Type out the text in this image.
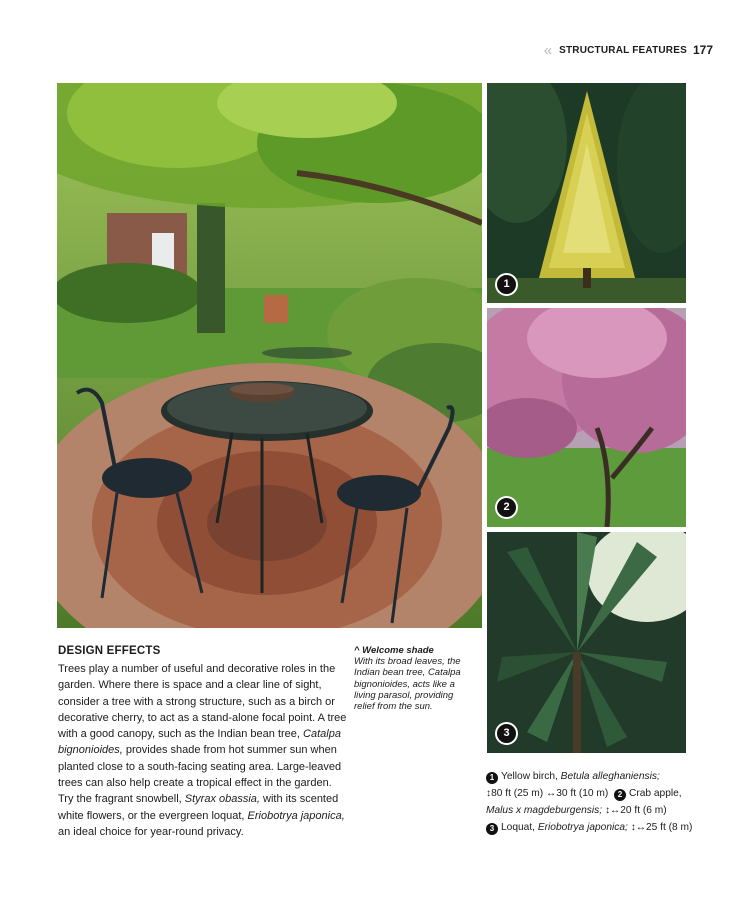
« STRUCTURAL FEATURES 177
1
2
3
DESIGN EFFECTS

Trees play a number of useful and decorative roles in the garden. Where there is space and a clear line of sight, consider a tree with a strong structure, such as a birch or decorative cherry, to act as a stand-alone focal point. A tree with a good canopy, such as the Indian bean tree, Catalpa bignonioides, provides shade from hot summer sun when planted close to a south-facing seating area. Large-leaved trees can also help create a tropical effect in the garden. Try the fragrant snowbell, Styrax obassia, with its scented white flowers, or the evergreen loquat, Eriobotrya japonica, an ideal choice for year-round privacy.

^ Welcome shade
With its broad leaves, the Indian bean tree, Catalpa bignonioides, acts like a living parasol, providing relief from the sun.
1 Yellow birch, Betula alleghaniensis;
↕80 ft (25 m) ↔30 ft (10 m) 2 Crab apple,
Malus x magdeburgensis; ↕↔20 ft (6 m)
3 Loquat, Eriobotrya japonica; ↕↔25 ft (8 m)
